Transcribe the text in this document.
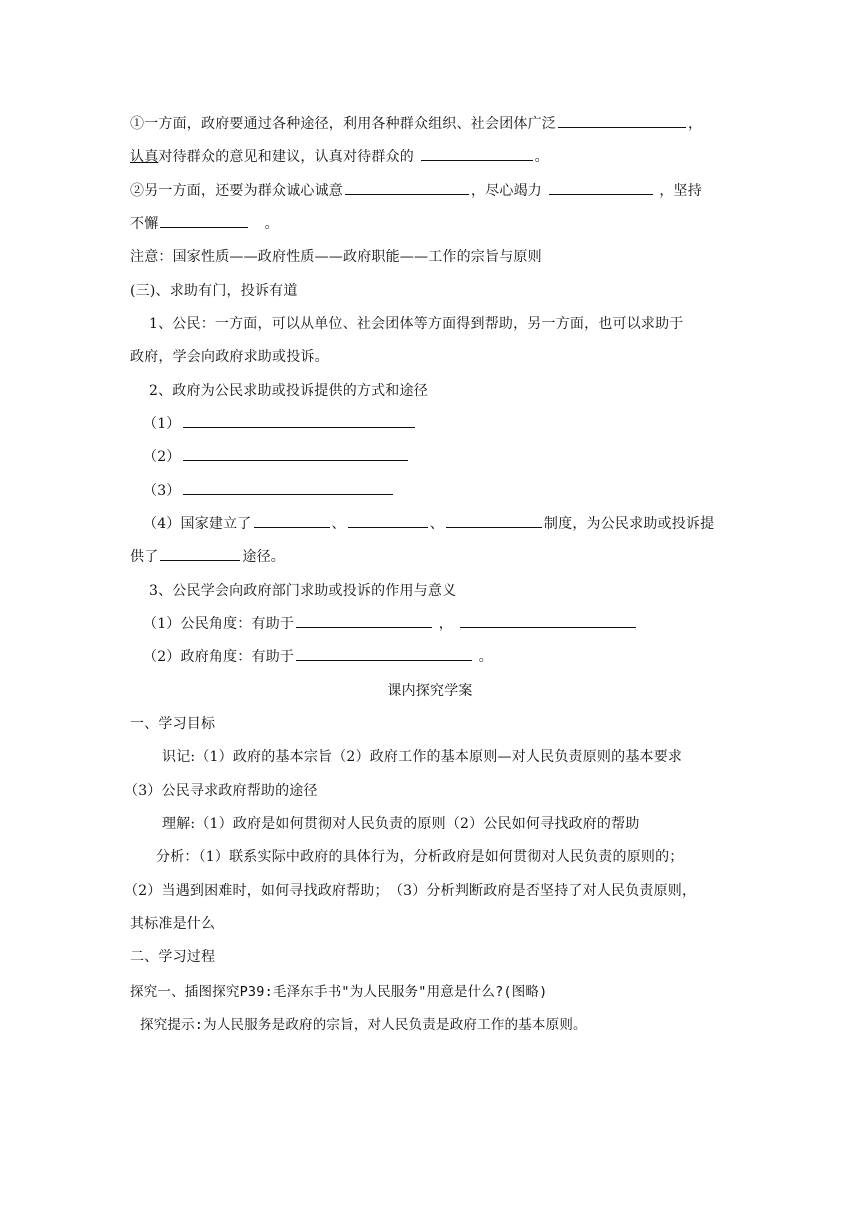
①一方面，政府要通过各种途径，利用各种群众组织、社会团体广泛	，
认真对待群众的意见和建议，认真对待群众的	。
②另一方面，还要为群众诚心诚意	，尽心竭力	，坚持
不懈　	。
注意：国家性质——政府性质——政府职能——工作的宗旨与原则
(三)、求助有门，投诉有道
1、公民：一方面，可以从单位、社会团体等方面得到帮助，另一方面，也可以求助于
政府，学会向政府求助或投诉。
2、政府为公民求助或投诉提供的方式和途径
（1）
（2）
（3）
（4）国家建立了	、	、	制度，为公民求助或投诉提
供了	途径。
3、公民学会向政府部门求助或投诉的作用与意义
（1）公民角度：有助于	，
（2）政府角度：有助于	。
课内探究学案
一、学习目标
识记:（1）政府的基本宗旨（2）政府工作的基本原则—对人民负责原则的基本要求
（3）公民寻求政府帮助的途径
理解:（1）政府是如何贯彻对人民负责的原则（2）公民如何寻找政府的帮助
分析：（1）联系实际中政府的具体行为，分析政府是如何贯彻对人民负责的原则的；
（2）当遇到困难时，如何寻找政府帮助；　（3）分析判断政府是否坚持了对人民负责原则，
其标准是什么
二、学习过程
探究一、插图探究P39:毛泽东手书"为人民服务"用意是什么?(图略)
探究提示:为人民服务是政府的宗旨，对人民负责是政府工作的基本原则。
